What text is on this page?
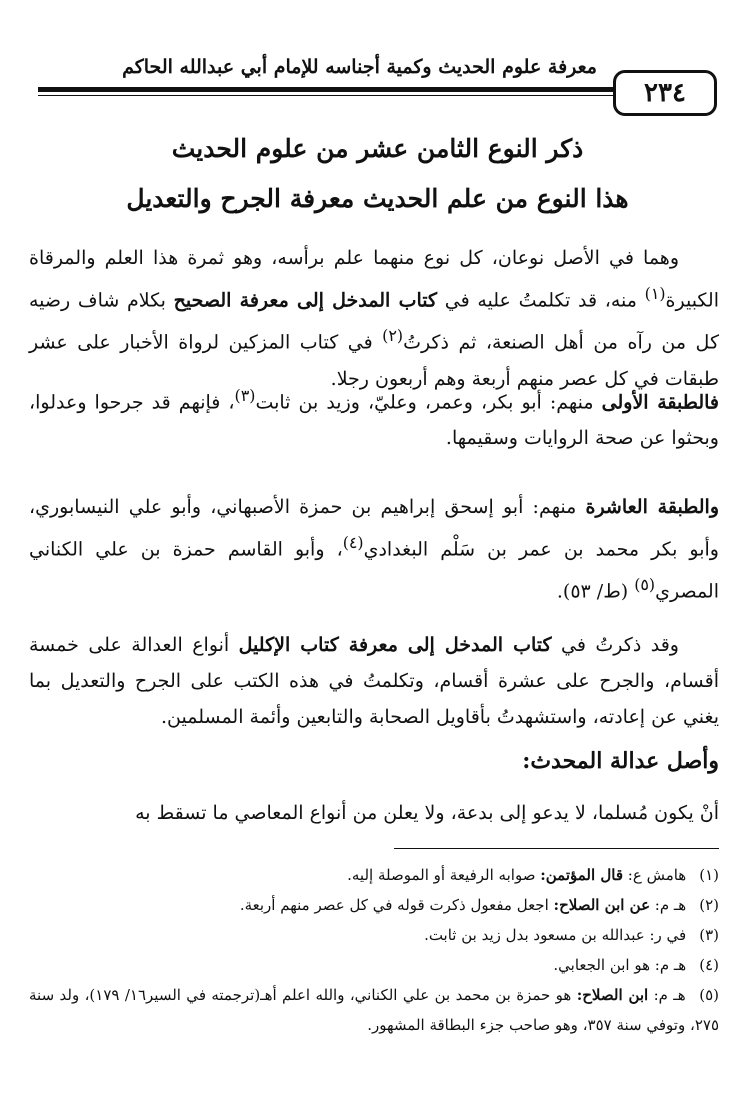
معرفة علوم الحديث وكمية أجناسه للإمام أبي عبدالله الحاكم
٢٣٤
ذكر النوع الثامن عشر من علوم الحديث
هذا النوع من علم الحديث معرفة الجرح والتعديل
وهما في الأصل نوعان، كل نوع منهما علم برأسه، وهو ثمرة هذا العلم والمرقاة الكبيرة$^{(١)}$ منه، قد تكلمتُ عليه في كتاب المدخل إلى معرفة الصحيح بكلام شاف رضيه كل من رآه من أهل الصنعة، ثم ذكرتُ$^{(٢)}$ في كتاب المزكين لرواة الأخبار على عشر طبقات في كل عصر منهم أربعة وهم أربعون رجلا.
فالطبقة الأولى منهم: أبو بكر، وعمر، وعليّ، وزيد بن ثابت$^{(٣)}$، فإنهم قد جرحوا وعدلوا، وبحثوا عن صحة الروايات وسقيمها.
والطبقة العاشرة منهم: أبو إسحق إبراهيم بن حمزة الأصبهاني، وأبو علي النيسابوري، وأبو بكر محمد بن عمر بن سَلْم البغدادي$^{(٤)}$، وأبو القاسم حمزة بن علي الكناني المصري$^{(٥)}$ (ط/ ٥٣).
وقد ذكرتُ في كتاب المدخل إلى معرفة كتاب الإكليل أنواع العدالة على خمسة أقسام، والجرح على عشرة أقسام، وتكلمتُ في هذه الكتب على الجرح والتعديل بما يغني عن إعادته، واستشهدتُ بأقاويل الصحابة والتابعين وأئمة المسلمين.
وأصل عدالة المحدث:
أنْ يكون مُسلما، لا يدعو إلى بدعة، ولا يعلن من أنواع المعاصي ما تسقط به

(١) هامش ع: قال المؤتمن: صوابه الرفيعة أو الموصلة إليه.

(٢) هـ م: عن ابن الصلاح: اجعل مفعول ذكرت قوله في كل عصر منهم أربعة.

(٣) في ر: عبدالله بن مسعود بدل زيد بن ثابت.

(٤) هـ م: هو ابن الجعابي.

(٥) هـ م: ابن الصلاح: هو حمزة بن محمد بن علي الكناني، والله اعلم أهـ(ترجمته في السير١٦/ ١٧٩)، ولد سنة ٢٧٥، وتوفي سنة ٣٥٧، وهو صاحب جزء البطاقة المشهور.
